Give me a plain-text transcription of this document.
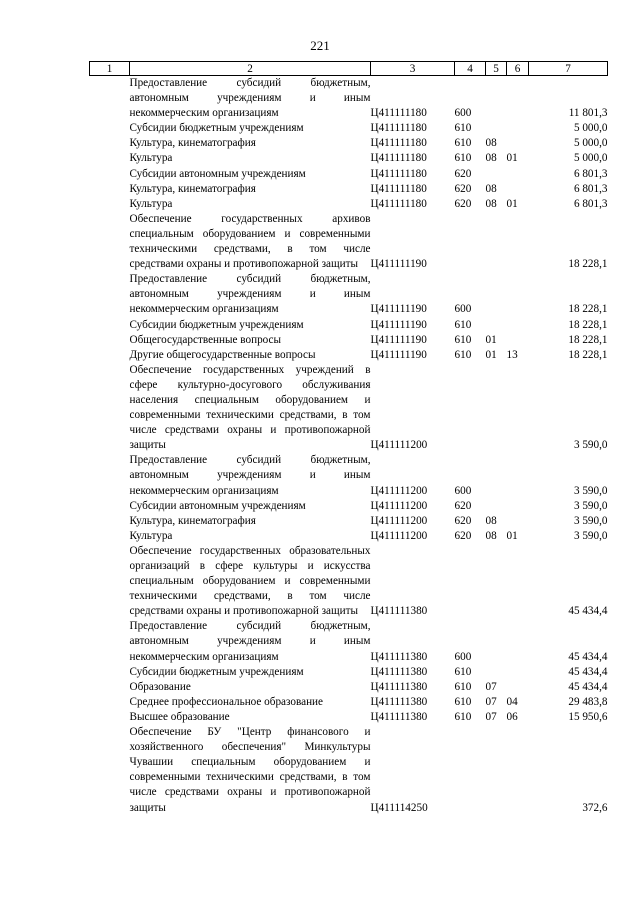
221
1	2	3	4	5	6	7
	Предоставление субсидий бюджетным, автономным учреждениям и иным некоммерческим организациям	Ц411111180	600			11 801,3
	Субсидии бюджетным учреждениям	Ц411111180	610			5 000,0
	Культура, кинематография	Ц411111180	610	08		5 000,0
	Культура	Ц411111180	610	08	01	5 000,0
	Субсидии автономным учреждениям	Ц411111180	620			6 801,3
	Культура, кинематография	Ц411111180	620	08		6 801,3
	Культура	Ц411111180	620	08	01	6 801,3
	Обеспечение государственных архивов специальным оборудованием и современными техническими средствами, в том числе средствами охраны и противопожарной защиты	Ц411111190				18 228,1
	Предоставление субсидий бюджетным, автономным учреждениям и иным некоммерческим организациям	Ц411111190	600			18 228,1
	Субсидии бюджетным учреждениям	Ц411111190	610			18 228,1
	Общегосударственные вопросы	Ц411111190	610	01		18 228,1
	Другие общегосударственные вопросы	Ц411111190	610	01	13	18 228,1
	Обеспечение государственных учреждений в сфере культурно-досугового обслуживания населения специальным оборудованием и современными техническими средствами, в том числе средствами охраны и противопожарной защиты	Ц411111200				3 590,0
	Предоставление субсидий бюджетным, автономным учреждениям и иным некоммерческим организациям	Ц411111200	600			3 590,0
	Субсидии автономным учреждениям	Ц411111200	620			3 590,0
	Культура, кинематография	Ц411111200	620	08		3 590,0
	Культура	Ц411111200	620	08	01	3 590,0
	Обеспечение государственных образовательных организаций в сфере культуры и искусства специальным оборудованием и современными техническими средствами, в том числе средствами охраны и противопожарной защиты	Ц411111380				45 434,4
	Предоставление субсидий бюджетным, автономным учреждениям и иным некоммерческим организациям	Ц411111380	600			45 434,4
	Субсидии бюджетным учреждениям	Ц411111380	610			45 434,4
	Образование	Ц411111380	610	07		45 434,4
	Среднее профессиональное образование	Ц411111380	610	07	04	29 483,8
	Высшее образование	Ц411111380	610	07	06	15 950,6
	Обеспечение БУ "Центр финансового и хозяйственного обеспечения" Минкультуры Чувашии специальным оборудованием и современными техническими средствами, в том числе средствами охраны и противопожарной защиты	Ц411114250				372,6
